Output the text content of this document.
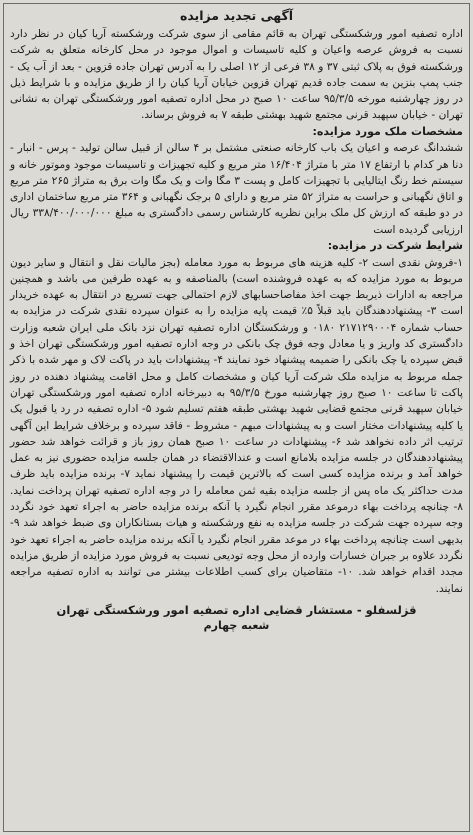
آگهی تجدید مزایده

اداره تصفیه امور ورشکستگی تهران به قائم مقامی از سوی شرکت ورشکسته آریا کیان در نظر دارد نسبت به فروش عرصه واعیان و کلیه تاسیسات و اموال موجود در محل کارخانه متعلق به شرکت ورشکسته فوق به پلاک ثبتی ۳۷ و ۳۸ فرعی از ۱۲ اصلی را به آدرس تهران جاده قزوین - بعد از آب یک - جنب پمپ بنزین به سمت جاده قدیم تهران قزوین خیابان آریا کیان را از طریق مزایده و با شرایط ذیل در روز چهارشنبه مورخه ۹۵/۳/۵ ساعت ۱۰ صبح در محل اداره تصفیه امور ورشکستگی تهران به نشانی تهران - خیابان سپهبد قرنی مجتمع شهید بهشتی طبقه ۷ به فروش برساند.

مشخصات ملک مورد مزایده:

ششدانگ عرصه و اعیان یک باب کارخانه صنعتی مشتمل بر ۴ سالن از قبیل سالن تولید - پرس - انبار - دنا هر کدام با ارتفاع ۱۷ متر با متراژ ۱۶/۴۰۴ متر مربع و کلیه تجهیزات و تاسیسات موجود وموتور خانه و سیستم خط رنگ ایتالیایی با تجهیزات کامل و پست ۳ مگا وات و یک مگا وات برق به متراژ ۲۶۵ متر مربع و اتاق نگهبانی و حراست به متراژ ۵۲ متر مربع و دارای ۵ برجک نگهبانی و ۳۶۴ متر مربع ساختمان اداری در دو طبقه که ارزش کل ملک براین نظریه کارشناس رسمی دادگستری به مبلغ ۳۳۸/۴۰۰/۰۰۰/۰۰۰ ریال ارزیابی گردیده است

شرایط شرکت در مزایده:

۱-فروش نقدی است ۲- کلیه هزینه های مربوط به مورد معامله (بجز مالیات نقل و انتقال و سایر دیون مربوط به مورد مزایده که به عهده فروشنده است) بالمناصفه و به عهده طرفین می باشد و همچنین مراجعه به ادارات ذیربط جهت اخذ مفاصاحسابهای لازم احتمالی جهت تسریع در انتقال به عهده خریدار است ۳- پیشنهاددهندگان باید قبلاً ۵٪ قیمت پایه مزایده را به عنوان سپرده نقدی شرکت در مزایده به حساب شماره ۲۱۷۱۲۹۰۰۰۴ ۰۱۸۰ و ورشکستگان اداره تصفیه تهران نزد بانک ملی ایران شعبه وزارت دادگستری کد واریز و یا معادل وجه فوق چک بانکی در وجه اداره تصفیه امور ورشکستگی تهران اخذ و قبض سپرده یا چک بانکی را ضمیمه پیشنهاد خود نمایند ۴- پیشنهادات باید در پاکت لاک و مهر شده با ذکر جمله مربوط به مزایده ملک شرکت آریا کیان و مشخصات کامل و محل اقامت پیشنهاد دهنده در روز پاکت تا ساعت ۱۰ صبح روز چهارشنبه مورخ ۹۵/۳/۵ به دبیرخانه اداره تصفیه امور ورشکستگی تهران خیابان سپهبد قرنی مجتمع قضایی شهید بهشتی طبقه هفتم تسلیم شود ۵- اداره تصفیه در رد یا قبول یک یا کلیه پیشنهادات مختار است و به پیشنهادات مبهم - مشروط - فاقد سپرده و برخلاف شرایط این آگهی ترتیب اثر داده نخواهد شد ۶- پیشنهادات در ساعت ۱۰ صبح همان روز باز و قرائت خواهد شد حضور پیشنهاددهندگان در جلسه مزایده بلامانع است و عندالاقتضاء در همان جلسه مزایده حضوری نیز به عمل خواهد آمد و برنده مزایده کسی است که بالاترین قیمت را پیشنهاد نماید ۷- برنده مزایده باید ظرف مدت حداکثر یک ماه پس از جلسه مزایده بقیه ثمن معامله را در وجه اداره تصفیه تهران پرداخت نماید. ۸- چنانچه پرداخت بهاء درموعد مقرر انجام نگیرد یا آنکه برنده مزایده حاضر به اجراء تعهد خود نگردد وجه سپرده جهت شرکت در جلسه مزایده به نفع ورشکسته و هیات بستانکاران وی ضبط خواهد شد ۹- بدیهی است چنانچه پرداخت بهاء در موعد مقرر انجام نگیرد یا آنکه برنده مزایده حاضر به اجراء تعهد خود نگردد علاوه بر جبران خسارات وارده از محل وجه تودیعی نسبت به فروش مورد مزایده از طریق مزایده مجدد اقدام خواهد شد. ۱۰- متقاضیان برای کسب اطلاعات بیشتر می توانند به اداره تصفیه مراجعه نمایند.

قزلسفلو - مستشار قضایی اداره تصفیه امور ورشکستگی تهران
شعبه چهارم
